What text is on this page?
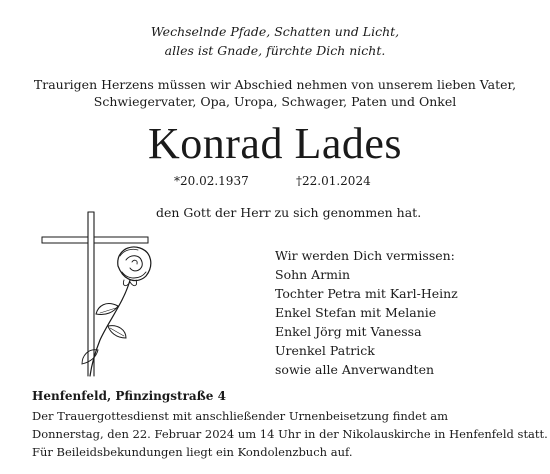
Wechselnde Pfade, Schatten und Licht,
alles ist Gnade, fürchte Dich nicht.
Traurigen Herzens müssen wir Abschied nehmen von unserem lieben Vater,
Schwiegervater, Opa, Uropa, Schwager, Paten und Onkel
Konrad Lades
*20.02.1937	†22.01.2024
den Gott der Herr zu sich genommen hat.
Wir werden Dich vermissen:
Sohn Armin
Tochter Petra mit Karl-Heinz
Enkel Stefan mit Melanie
Enkel Jörg mit Vanessa
Urenkel Patrick
sowie alle Anverwandten
Henfenfeld, Pfinzingstraße 4
Der Trauergottesdienst mit anschließender Urnenbeisetzung findet am
Donnerstag, den 22. Februar 2024 um 14 Uhr in der Nikolauskirche in Henfenfeld statt.
Für Beileidsbekundungen liegt ein Kondolenzbuch auf.
